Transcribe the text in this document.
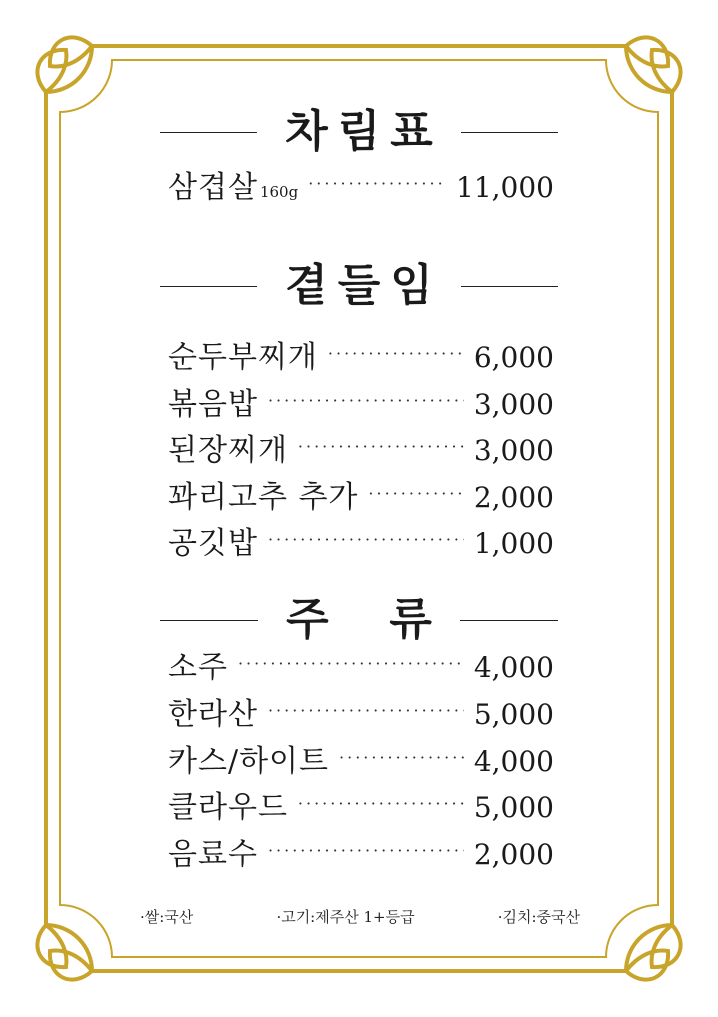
차림표
삼겹살 160g ·····	11,000
곁들임
순두부찌개 ·····	6,000
볶음밥 ·····	3,000
된장찌개 ·····	3,000
꽈리고추 추가 ·····	2,000
공깃밥 ·····	1,000
주  류
소주 ·····	4,000
한라산 ·····	5,000
카스/하이트 ·····	4,000
클라우드 ·····	5,000
음료수 ·····	2,000
·쌀:국산	·고기:제주산 1+등급	·김치:중국산
